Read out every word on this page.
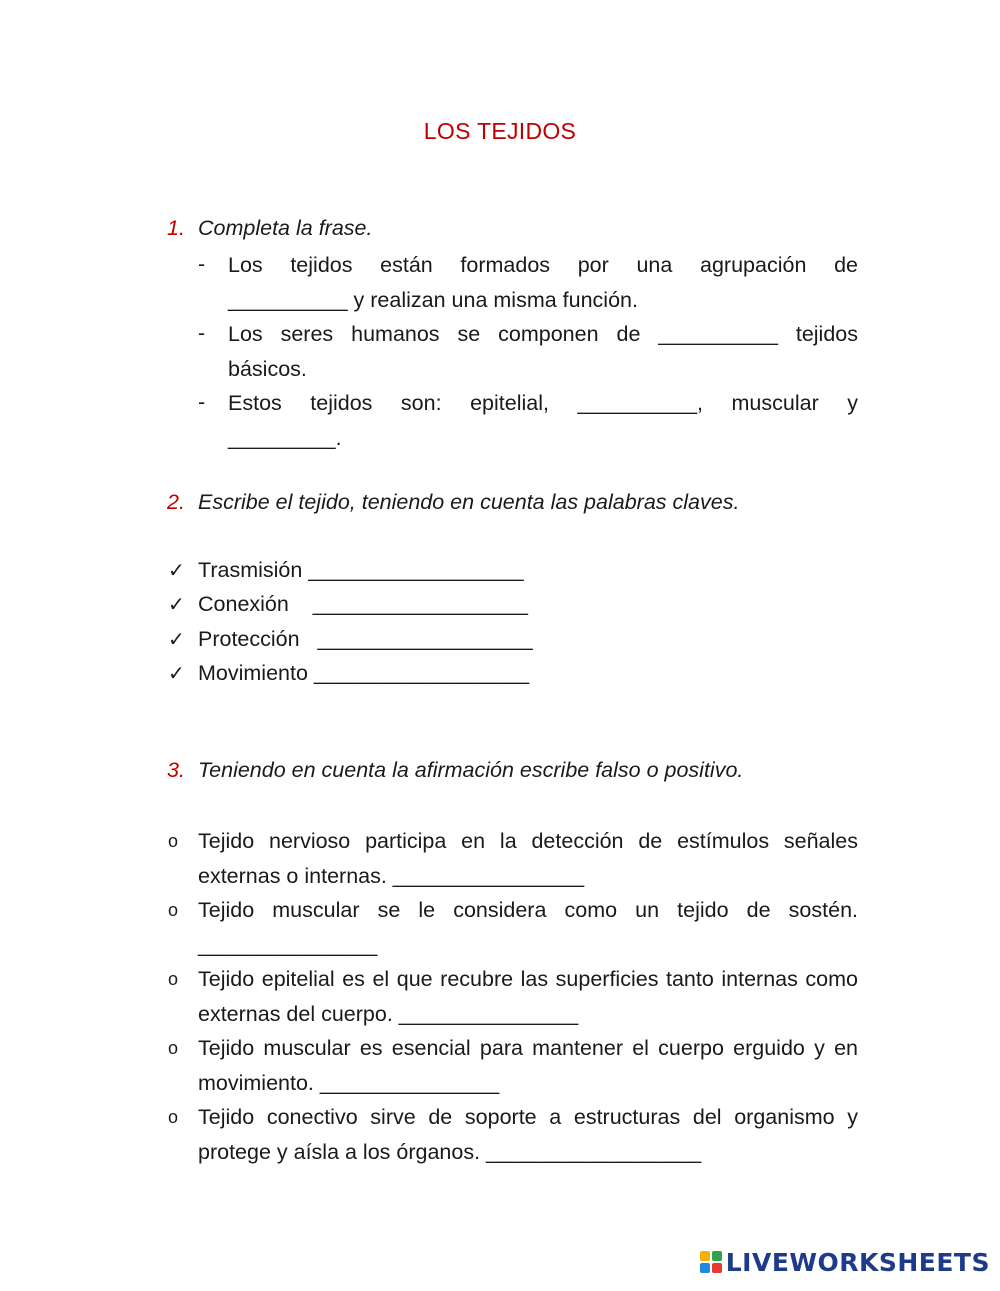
LOS TEJIDOS
1. Completa la frase.
- Los tejidos están formados por una agrupación de
__________ y realizan una misma función.
- Los seres humanos se componen de __________ tejidos
básicos.
- Estos tejidos son: epitelial, __________, muscular y
_________.
2. Escribe el tejido, teniendo en cuenta las palabras claves.
✓ Trasmisión __________________
✓ Conexión    __________________
✓ Protección   __________________
✓ Movimiento __________________
3. Teniendo en cuenta la afirmación escribe falso o positivo.
o Tejido nervioso participa en la detección de estímulos señales externas o internas. ________________
o Tejido muscular se le considera como un tejido de sostén. _______________
o Tejido epitelial es el que recubre las superficies tanto internas como externas del cuerpo. _______________
o Tejido muscular es esencial para mantener el cuerpo erguido y en movimiento. _______________
o Tejido conectivo sirve de soporte a estructuras del organismo y protege y aísla a los órganos. __________________
LIVEWORKSHEETS
